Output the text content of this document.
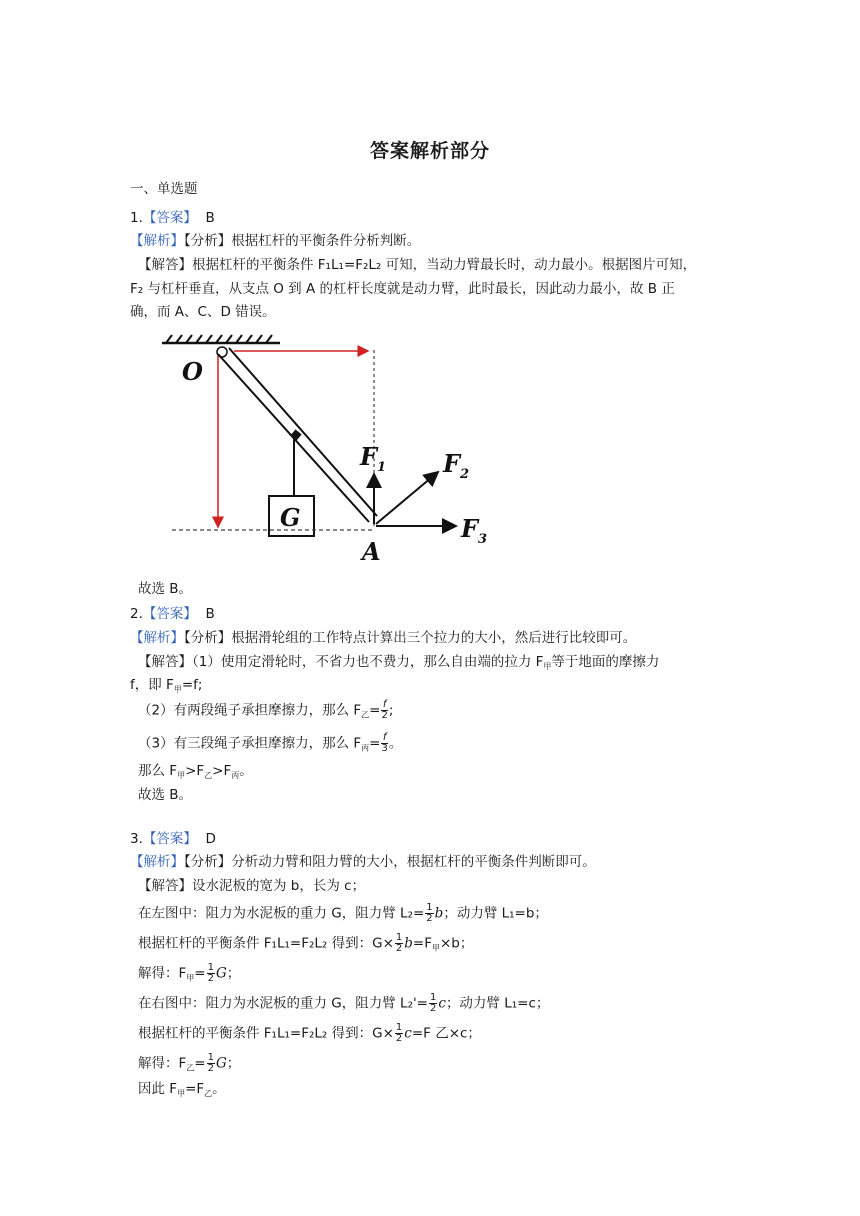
答案解析部分
一、单选题
1.【答案】 B
【解析】【分析】根据杠杆的平衡条件分析判断。
【解答】根据杠杆的平衡条件 F₁L₁=F₂L₂ 可知，当动力臂最长时，动力最小。根据图片可知，
F₂ 与杠杆垂直，从支点 O 到 A 的杠杆长度就是动力臂，此时最长，因此动力最小，故 B 正
确，而 A、C、D 错误。
O
G
$F_1$ $F_2$
$F_3$
A
故选 B。
2.【答案】 B
【解析】【分析】根据滑轮组的工作特点计算出三个拉力的大小，然后进行比较即可。
【解答】（1）使用定滑轮时，不省力也不费力，那么自由端的拉力 $F_甲$等于地面的摩擦力
f，即 $F_甲=f$;
（2）有两段绳子承担摩擦力，那么 $F_乙= \frac{f}{2}$ ;
（3）有三段绳子承担摩擦力，那么 $F_丙= \frac{f}{3}$ 。
那么 $F_甲>F_乙>F_丙$。
故选 B。
3.【答案】 D
【解析】【分析】分析动力臂和阻力臂的大小，根据杠杆的平衡条件判断即可。
【解答】设水泥板的宽为 b，长为 c；
在左图中：阻力为水泥板的重力 G，阻力臂 $L_2= \frac{1}{2}$ b；动力臂 L₁=b；
根据杠杆的平衡条件 F₁L₁=F₂L₂ 得到：$G\times \frac{1}{2} b=F_甲\times b$；
解得：$F_甲= \frac{1}{2}$ G；
在右图中：阻力为水泥板的重力 G，阻力臂 $L_2'= \frac{1}{2}$ c；动力臂 L₁=c；
根据杠杆的平衡条件 F₁L₁=F₂L₂ 得到：$G\times \frac{1}{2} c=F$ 乙×c；
解得：$F_乙= \frac{1}{2}$ G；
因此 $F_甲=F_乙$。
